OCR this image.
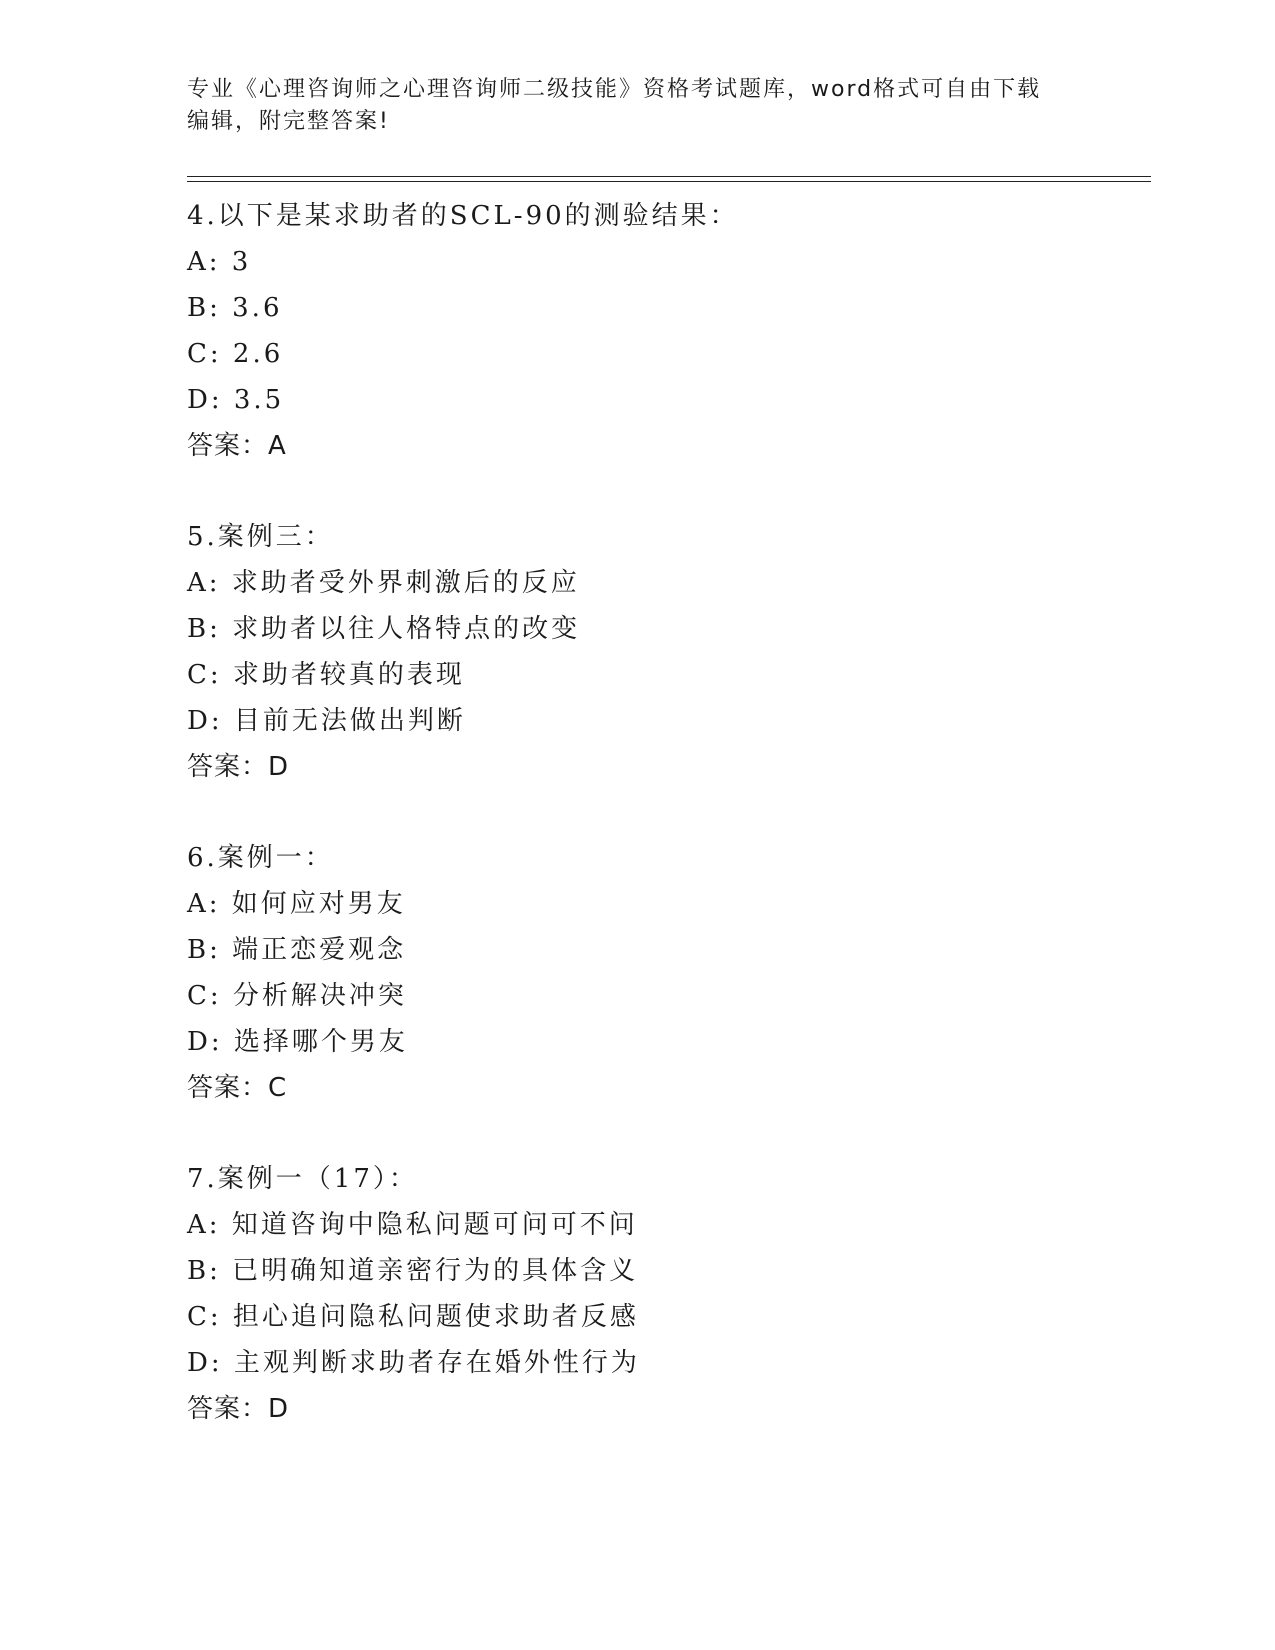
专业《心理咨询师之心理咨询师二级技能》资格考试题库，word格式可自由下载
编辑，附完整答案!
4.以下是某求助者的SCL-90的测验结果：
A: 3
B: 3.6
C: 2.6
D: 3.5
答案：A
5.案例三：
A: 求助者受外界刺激后的反应
B: 求助者以往人格特点的改变
C: 求助者较真的表现
D: 目前无法做出判断
答案：D
6.案例一：
A: 如何应对男友
B: 端正恋爱观念
C: 分析解决冲突
D: 选择哪个男友
答案：C
7.案例一（17）：
A: 知道咨询中隐私问题可问可不问
B: 已明确知道亲密行为的具体含义
C: 担心追问隐私问题使求助者反感
D: 主观判断求助者存在婚外性行为
答案：D
